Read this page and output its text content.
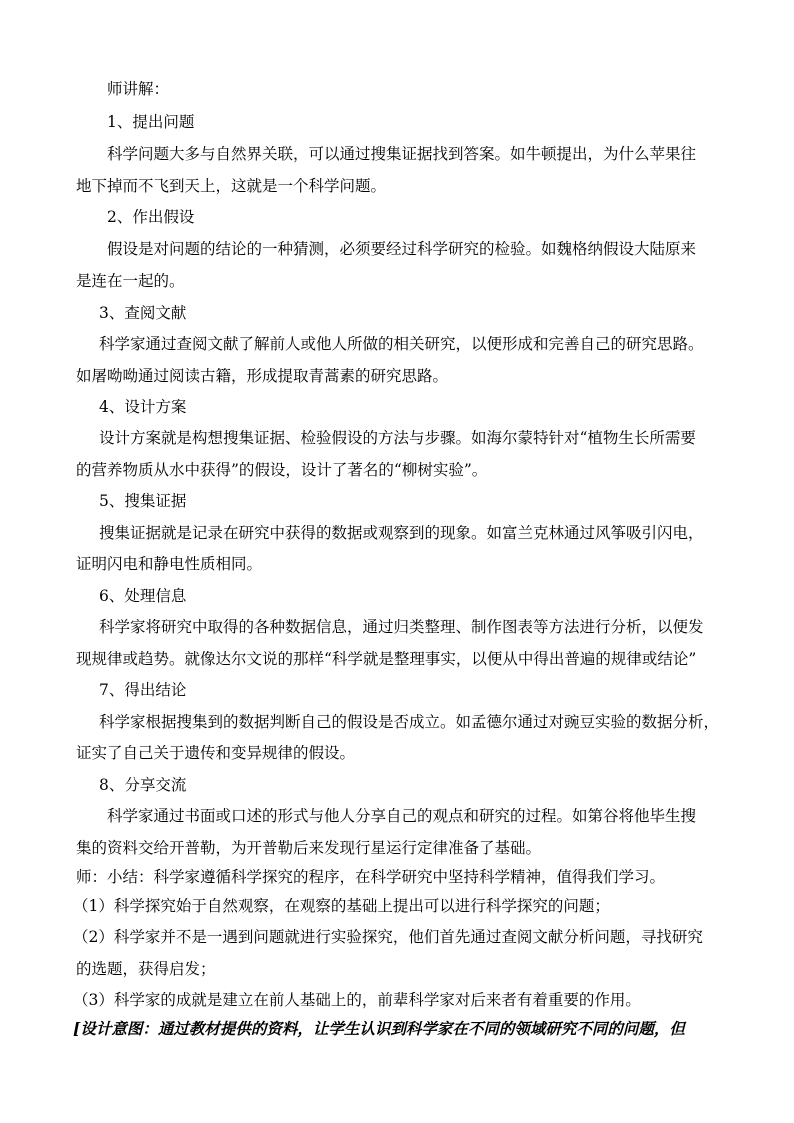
师讲解：
1、提出问题
科学问题大多与自然界关联，可以通过搜集证据找到答案。如牛顿提出，为什么苹果往
地下掉而不飞到天上，这就是一个科学问题。
2、作出假设
假设是对问题的结论的一种猜测，必须要经过科学研究的检验。如魏格纳假设大陆原来
是连在一起的。
3、查阅文献
科学家通过查阅文献了解前人或他人所做的相关研究，以便形成和完善自己的研究思路。
如屠呦呦通过阅读古籍，形成提取青蒿素的研究思路。
4、设计方案
设计方案就是构想搜集证据、检验假设的方法与步骤。如海尔蒙特针对“植物生长所需要
的营养物质从水中获得”的假设，设计了著名的“柳树实验”。
5、搜集证据
搜集证据就是记录在研究中获得的数据或观察到的现象。如富兰克林通过风筝吸引闪电，
证明闪电和静电性质相同。
6、处理信息
科学家将研究中取得的各种数据信息，通过归类整理、制作图表等方法进行分析，以便发
现规律或趋势。就像达尔文说的那样“科学就是整理事实，以便从中得出普遍的规律或结论”
7、得出结论
科学家根据搜集到的数据判断自己的假设是否成立。如孟德尔通过对豌豆实验的数据分析，
证实了自己关于遗传和变异规律的假设。
8、分享交流
科学家通过书面或口述的形式与他人分享自己的观点和研究的过程。如第谷将他毕生搜
集的资料交给开普勒，为开普勒后来发现行星运行定律准备了基础。
师：小结：科学家遵循科学探究的程序，在科学研究中坚持科学精神，值得我们学习。
（1）科学探究始于自然观察，在观察的基础上提出可以进行科学探究的问题；
（2）科学家并不是一遇到问题就进行实验探究，他们首先通过查阅文献分析问题，寻找研究
的选题，获得启发；
（3）科学家的成就是建立在前人基础上的，前辈科学家对后来者有着重要的作用。
[设计意图：通过教材提供的资料，让学生认识到科学家在不同的领域研究不同的问题，但
